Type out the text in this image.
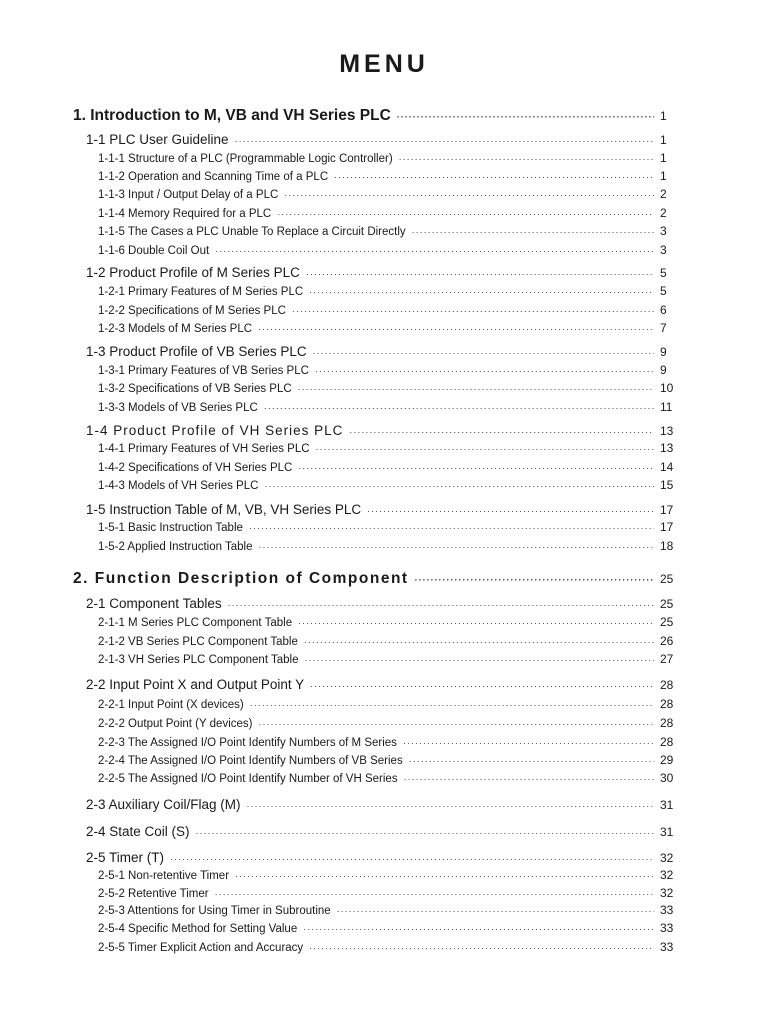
MENU
1. Introduction to M, VB and VH Series PLC ·····	1
1-1 PLC User Guideline ·····	1
1-1-1 Structure of a PLC (Programmable Logic Controller) ·····	1
1-1-2 Operation and Scanning Time of a PLC ·····	1
1-1-3 Input / Output Delay of a PLC ·····	2
1-1-4 Memory Required for a PLC ·····	2
1-1-5 The Cases a PLC Unable To Replace a Circuit Directly ·····	3
1-1-6 Double Coil Out ·····	3
1-2 Product Profile of M Series PLC ·····	5
1-2-1 Primary Features of M Series PLC ·····	5
1-2-2 Specifications of M Series PLC ·····	6
1-2-3 Models of M Series PLC ·····	7
1-3 Product Profile of VB Series PLC ·····	9
1-3-1 Primary Features of VB Series PLC ·····	9
1-3-2 Specifications of VB Series PLC ·····	10
1-3-3 Models of VB Series PLC ·····	11
1-4 Product Profile of VH Series PLC ·····	13
1-4-1 Primary Features of VH Series PLC ·····	13
1-4-2 Specifications of VH Series PLC ·····	14
1-4-3 Models of VH Series PLC ·····	15
1-5 Instruction Table of M, VB, VH Series PLC ·····	17
1-5-1 Basic Instruction Table ·····	17
1-5-2 Applied Instruction Table ·····	18
2. Function Description of Component ·····	25
2-1 Component Tables ·····	25
2-1-1 M Series PLC Component Table ·····	25
2-1-2 VB Series PLC Component Table ·····	26
2-1-3 VH Series PLC Component Table ·····	27
2-2 Input Point X and Output Point Y ·····	28
2-2-1 Input Point (X devices) ·····	28
2-2-2 Output Point (Y devices) ·····	28
2-2-3 The Assigned I/O Point Identify Numbers of M Series ·····	28
2-2-4 The Assigned I/O Point Identify Numbers of VB Series ·····	29
2-2-5 The Assigned I/O Point Identify Number of VH Series ·····	30
2-3 Auxiliary Coil/Flag (M) ·····	31
2-4 State Coil (S) ·····	31
2-5 Timer (T) ·····	32
2-5-1 Non-retentive Timer ·····	32
2-5-2 Retentive Timer ·····	32
2-5-3 Attentions for Using Timer in Subroutine ·····	33
2-5-4 Specific Method for Setting Value ·····	33
2-5-5 Timer Explicit Action and Accuracy ·····	33
